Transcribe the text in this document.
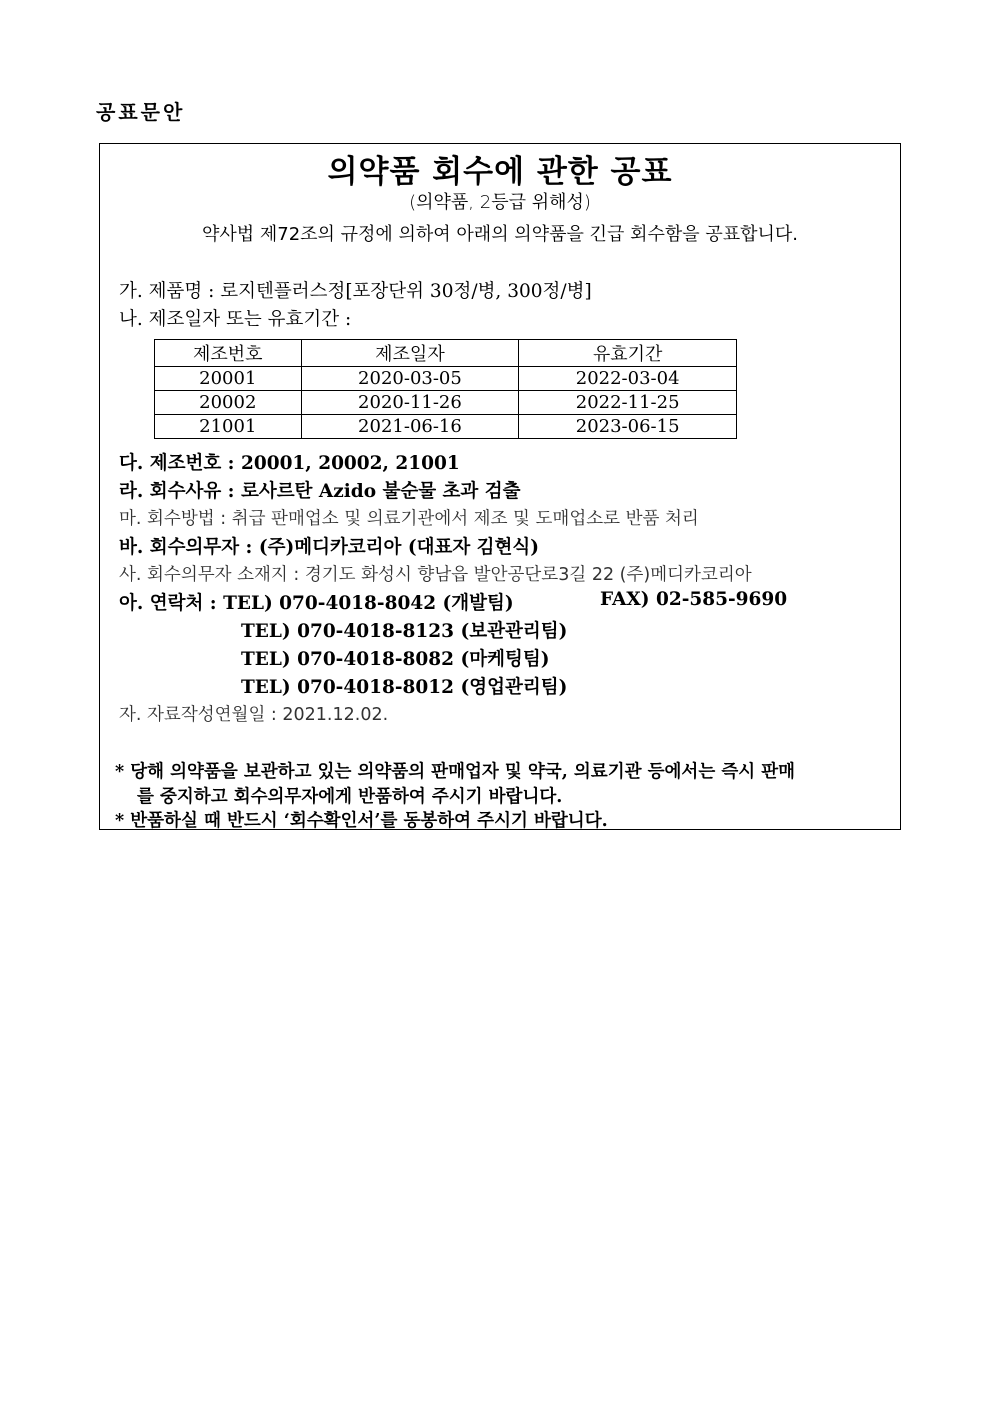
공표문안
의약품 회수에 관한 공표
(의약품, 2등급 위해성)
약사법 제72조의 규정에 의하여 아래의 의약품을 긴급 회수함을 공표합니다.
가. 제품명 : 로지텐플러스정[포장단위 30정/병, 300정/병]
나. 제조일자 또는 유효기간 :
제조번호	제조일자	유효기간
20001	2020-03-05	2022-03-04
20002	2020-11-26	2022-11-25
21001	2021-06-16	2023-06-15
다. 제조번호 : 20001, 20002, 21001
라. 회수사유 : 로사르탄 Azido 불순물 초과 검출
마. 회수방법 : 취급 판매업소 및 의료기관에서 제조 및 도매업소로 반품 처리
바. 회수의무자 : (주)메디카코리아 (대표자 김현식)
사. 회수의무자 소재지 : 경기도 화성시 향남읍 발안공단로3길 22 (주)메디카코리아
아. 연락처 : TEL) 070-4018-8042 (개발팀)	FAX) 02-585-9690
TEL) 070-4018-8123 (보관관리팀)
TEL) 070-4018-8082 (마케팅팀)
TEL) 070-4018-8012 (영업관리팀)
자. 자료작성연월일 : 2021.12.02.
* 당해 의약품을 보관하고 있는 의약품의 판매업자 및 약국, 의료기관 등에서는 즉시 판매
를 중지하고 회수의무자에게 반품하여 주시기 바랍니다.
* 반품하실 때 반드시 ‘회수확인서’를 동봉하여 주시기 바랍니다.
